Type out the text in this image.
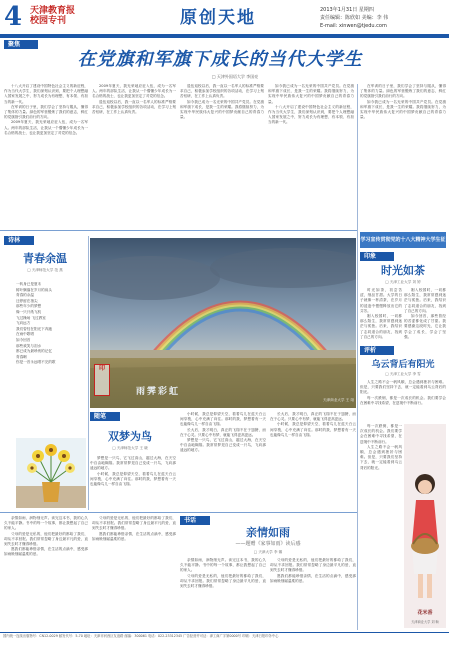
4 天津教育报
校园专刊	原创天地	2013年1月31日 星期四
责任编辑：陈欣如 美编：李 伟
E-mail: xinwen@tjedu.com
聚焦
在党旗和军旗下成长的当代大学生
□ 天津外国语大学 李国亮

十八大开启了建设中国特色社会主义的新征程，作为当代大学生，我们深刻认识到，要把个人理想融入国家发展之中，努力成长为有理想、有本领、有担当的新一代。

在军训的日子里，我们学会了坚持与服从，懂得了集体的力量。绿色的军营锻炼了我们的意志，鲜红的党旗指引我们前行的方向。

2009年夏天，我光荣地应征入伍，成为一名军人。两年的部队生活，让我从一个懵懂少年成长为一名合格的战士，也让我更加坚定了对党的信念。

2009年夏天，我光荣地应征入伍，成为一名军人。两年的部队生活，让我从一个懵懂少年成长为一名合格的战士，也让我更加坚定了对党的信念。

退伍返校以后，我一直以一名军人的标准严格要求自己，积极参加学校组织的各项活动，在学习上刻苦钻研，在工作上认真负责。

退伍返校以后，我一直以一名军人的标准严格要求自己，积极参加学校组织的各项活动，在学习上刻苦钻研，在工作上认真负责。

如今我已成为一名光荣的中国共产党员。在党旗和军旗下成长，是我一生的荣耀。我将继续努力，为实现中华民族伟大复兴的中国梦贡献自己的青春力量。

如今我已成为一名光荣的中国共产党员。在党旗和军旗下成长，是我一生的荣耀。我将继续努力，为实现中华民族伟大复兴的中国梦贡献自己的青春力量。

十八大开启了建设中国特色社会主义的新征程，作为当代大学生，我们深刻认识到，要把个人理想融入国家发展之中，努力成长为有理想、有本领、有担当的新一代。

在军训的日子里，我们学会了坚持与服从，懂得了集体的力量。绿色的军营锻炼了我们的意志，鲜红的党旗指引我们前行的方向。

如今我已成为一名光荣的中国共产党员。在党旗和军旗下成长，是我一生的荣耀。我将继续努力，为实现中华民族伟大复兴的中国梦贡献自己的青春力量。

学习宣传贯彻党的十八大精神大学生征文选登
诗林
青春余温
□ 天津师范大学 范 燕
一转身已是夏末
树叶飘落在岁月的肩头
青春的余温
还停留在指尖
那些年少的梦想
像一只只纸飞机
飞过操场 飞过教室
飞向远方
我们曾经在阳光下奔跑
在雨中歌唱
如今回首
那些欢笑与泪水
都已成为最珍贵的记忆
青春啊
你是一首永远唱不完的歌
印
雨霁彩虹
天津商业大学 王 翊
印象
时光如茶
□ 天津工业大学 刘 婷

时光如茶，初尝苦涩，细品甘甜。大学的日子就像一杯清茶，在岁月的浸泡中慢慢释放出它的芬芳。

刚入校园时，一切都那么陌生，我常常感到迷茫与孤独。后来，我结识了志同道合的朋友，找到了自己的方向。

刚入校园时，一切都那么陌生，我常常感到迷茫与孤独。后来，我结识了志同道合的朋友，找到了自己的方向。

如今回首，那些曾经的苦涩都化成了甘甜。我要感谢这段时光，它让我学会了成长，学会了坚强。

评析
乌云背后有阳光
□ 天津工业大学 李 雪

人生之路不会一帆风顺，总会遇到挫折与困难。但是，只要我们坚持下去，就一定能看到乌云背后的阳光。

每一次跌倒，都是一次成长的机会。我们要学会在困难中寻找希望，在逆境中不断前行。

花米香
天津商业大学 刘 畅

每一次跌倒，都是一次成长的机会。我们要学会在困难中寻找希望，在逆境中不断前行。

人生之路不会一帆风顺，总会遇到挫折与困难。但是，只要我们坚持下去，就一定能看到乌云背后的阳光。

随笔
双梦为鸟
□ 天津师范大学 王 晓

梦想是一只鸟，它飞过高山，越过大海，在天空中自由地翱翔。我常常梦见自己变成一只鸟，飞向那遥远的地方。

小时候，我总是仰望天空，看着鸟儿在蓝天白云间穿梭，心中充满了向往。那时的我，梦想着有一天也能像鸟儿一样自由飞翔。

小时候，我总是仰望天空，看着鸟儿在蓝天白云间穿梭，心中充满了向往。那时的我，梦想着有一天也能像鸟儿一样自由飞翔。

长大后，我才明白，真正的飞翔不在于翅膀，而在于心灵。只要心中有梦，就能飞得更高更远。

梦想是一只鸟，它飞过高山，越过大海，在天空中自由地翱翔。我常常梦见自己变成一只鸟，飞向那遥远的地方。

长大后，我才明白，真正的飞翔不在于翅膀，而在于心灵。只要心中有梦，就能飞得更高更远。

小时候，我总是仰望天空，看着鸟儿在蓝天白云间穿梭，心中充满了向往。那时的我，梦想着有一天也能像鸟儿一样自由飞翔。

亲情如雨，润物细无声。读完这本书，我的心久久不能平静。书中的每一个故事，都让我想起了自己的家人。

父母的爱是无私的，他们把最好的都给了我们，却从不求回报。我们常常忽略了身边最平凡的爱，直到失去时才懂得珍惜。

愿我们都能珍惜亲情，在生活的点滴中，感受那如雨般细腻温柔的爱。

父母的爱是无私的，他们把最好的都给了我们，却从不求回报。我们常常忽略了身边最平凡的爱，直到失去时才懂得珍惜。

愿我们都能珍惜亲情，在生活的点滴中，感受那如雨般细腻温柔的爱。

书话
亲情如雨
——题赠《家事如雨》读后感
□ 天津大学 李 娜

亲情如雨，润物细无声。读完这本书，我的心久久不能平静。书中的每一个故事，都让我想起了自己的家人。

父母的爱是无私的，他们把最好的都给了我们，却从不求回报。我们常常忽略了身边最平凡的爱，直到失去时才懂得珍惜。

父母的爱是无私的，他们把最好的都给了我们，却从不求回报。我们常常忽略了身边最平凡的爱，直到失去时才懂得珍惜。

愿我们都能珍惜亲情，在生活的点滴中，感受那如雨般细腻温柔的爱。

国内统一连续出版物号：CN12-0029 邮发代号：5-70 地址：天津市河西区友谊路 邮编：300061 电话：022-23312345 广告经营许可证：津工商广字第0000号 印刷：天津日报印务中心
